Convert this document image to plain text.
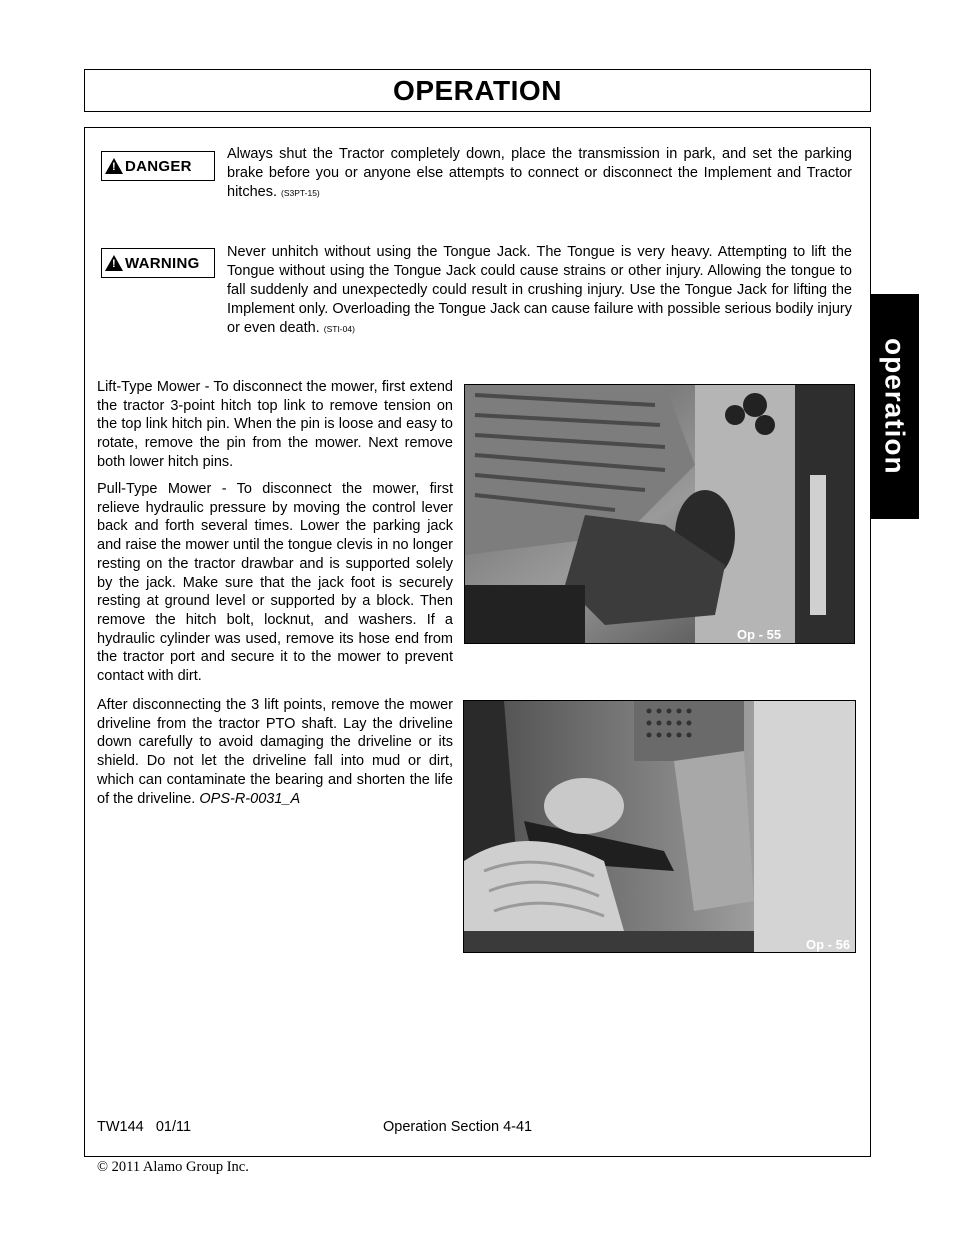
OPERATION
operation
! DANGER
Always shut the Tractor completely down, place the transmission in park, and set the parking brake before you or anyone else attempts to connect or disconnect the Implement and Tractor hitches. (S3PT-15)
! WARNING
Never unhitch without using the Tongue Jack. The Tongue is very heavy. Attempting to lift the Tongue without using the Tongue Jack could cause strains or other injury. Allowing the tongue to fall suddenly and unexpectedly could result in crushing injury. Use the Tongue Jack for lifting the Implement only. Overloading the Tongue Jack can cause failure with possible serious bodily injury or even death. (STI-04)

Lift-Type Mower - To disconnect the mower, first extend the tractor 3-point hitch top link to remove tension on the top link hitch pin. When the pin is loose and easy to rotate, remove the pin from the mower. Next remove both lower hitch pins.

Pull-Type Mower - To disconnect the mower, first relieve hydraulic pressure by moving the control lever back and forth several times. Lower the parking jack and raise the mower until the tongue clevis in no longer resting on the tractor drawbar and is supported solely by the jack. Make sure that the jack foot is securely resting at ground level or supported by a block. Then remove the hitch bolt, locknut, and washers. If a hydraulic cylinder was used, remove its hose end from the tractor port and secure it to the mower to prevent contact with dirt.

After disconnecting the 3 lift points, remove the mower driveline from the tractor PTO shaft. Lay the driveline down carefully to avoid damaging the driveline or its shield. Do not let the driveline fall into mud or dirt, which can contaminate the bearing and shorten the life of the driveline. OPS-R-0031_A

Op - 55
Op - 56
TW144   01/11	Operation Section 4-41
© 2011 Alamo Group Inc.
